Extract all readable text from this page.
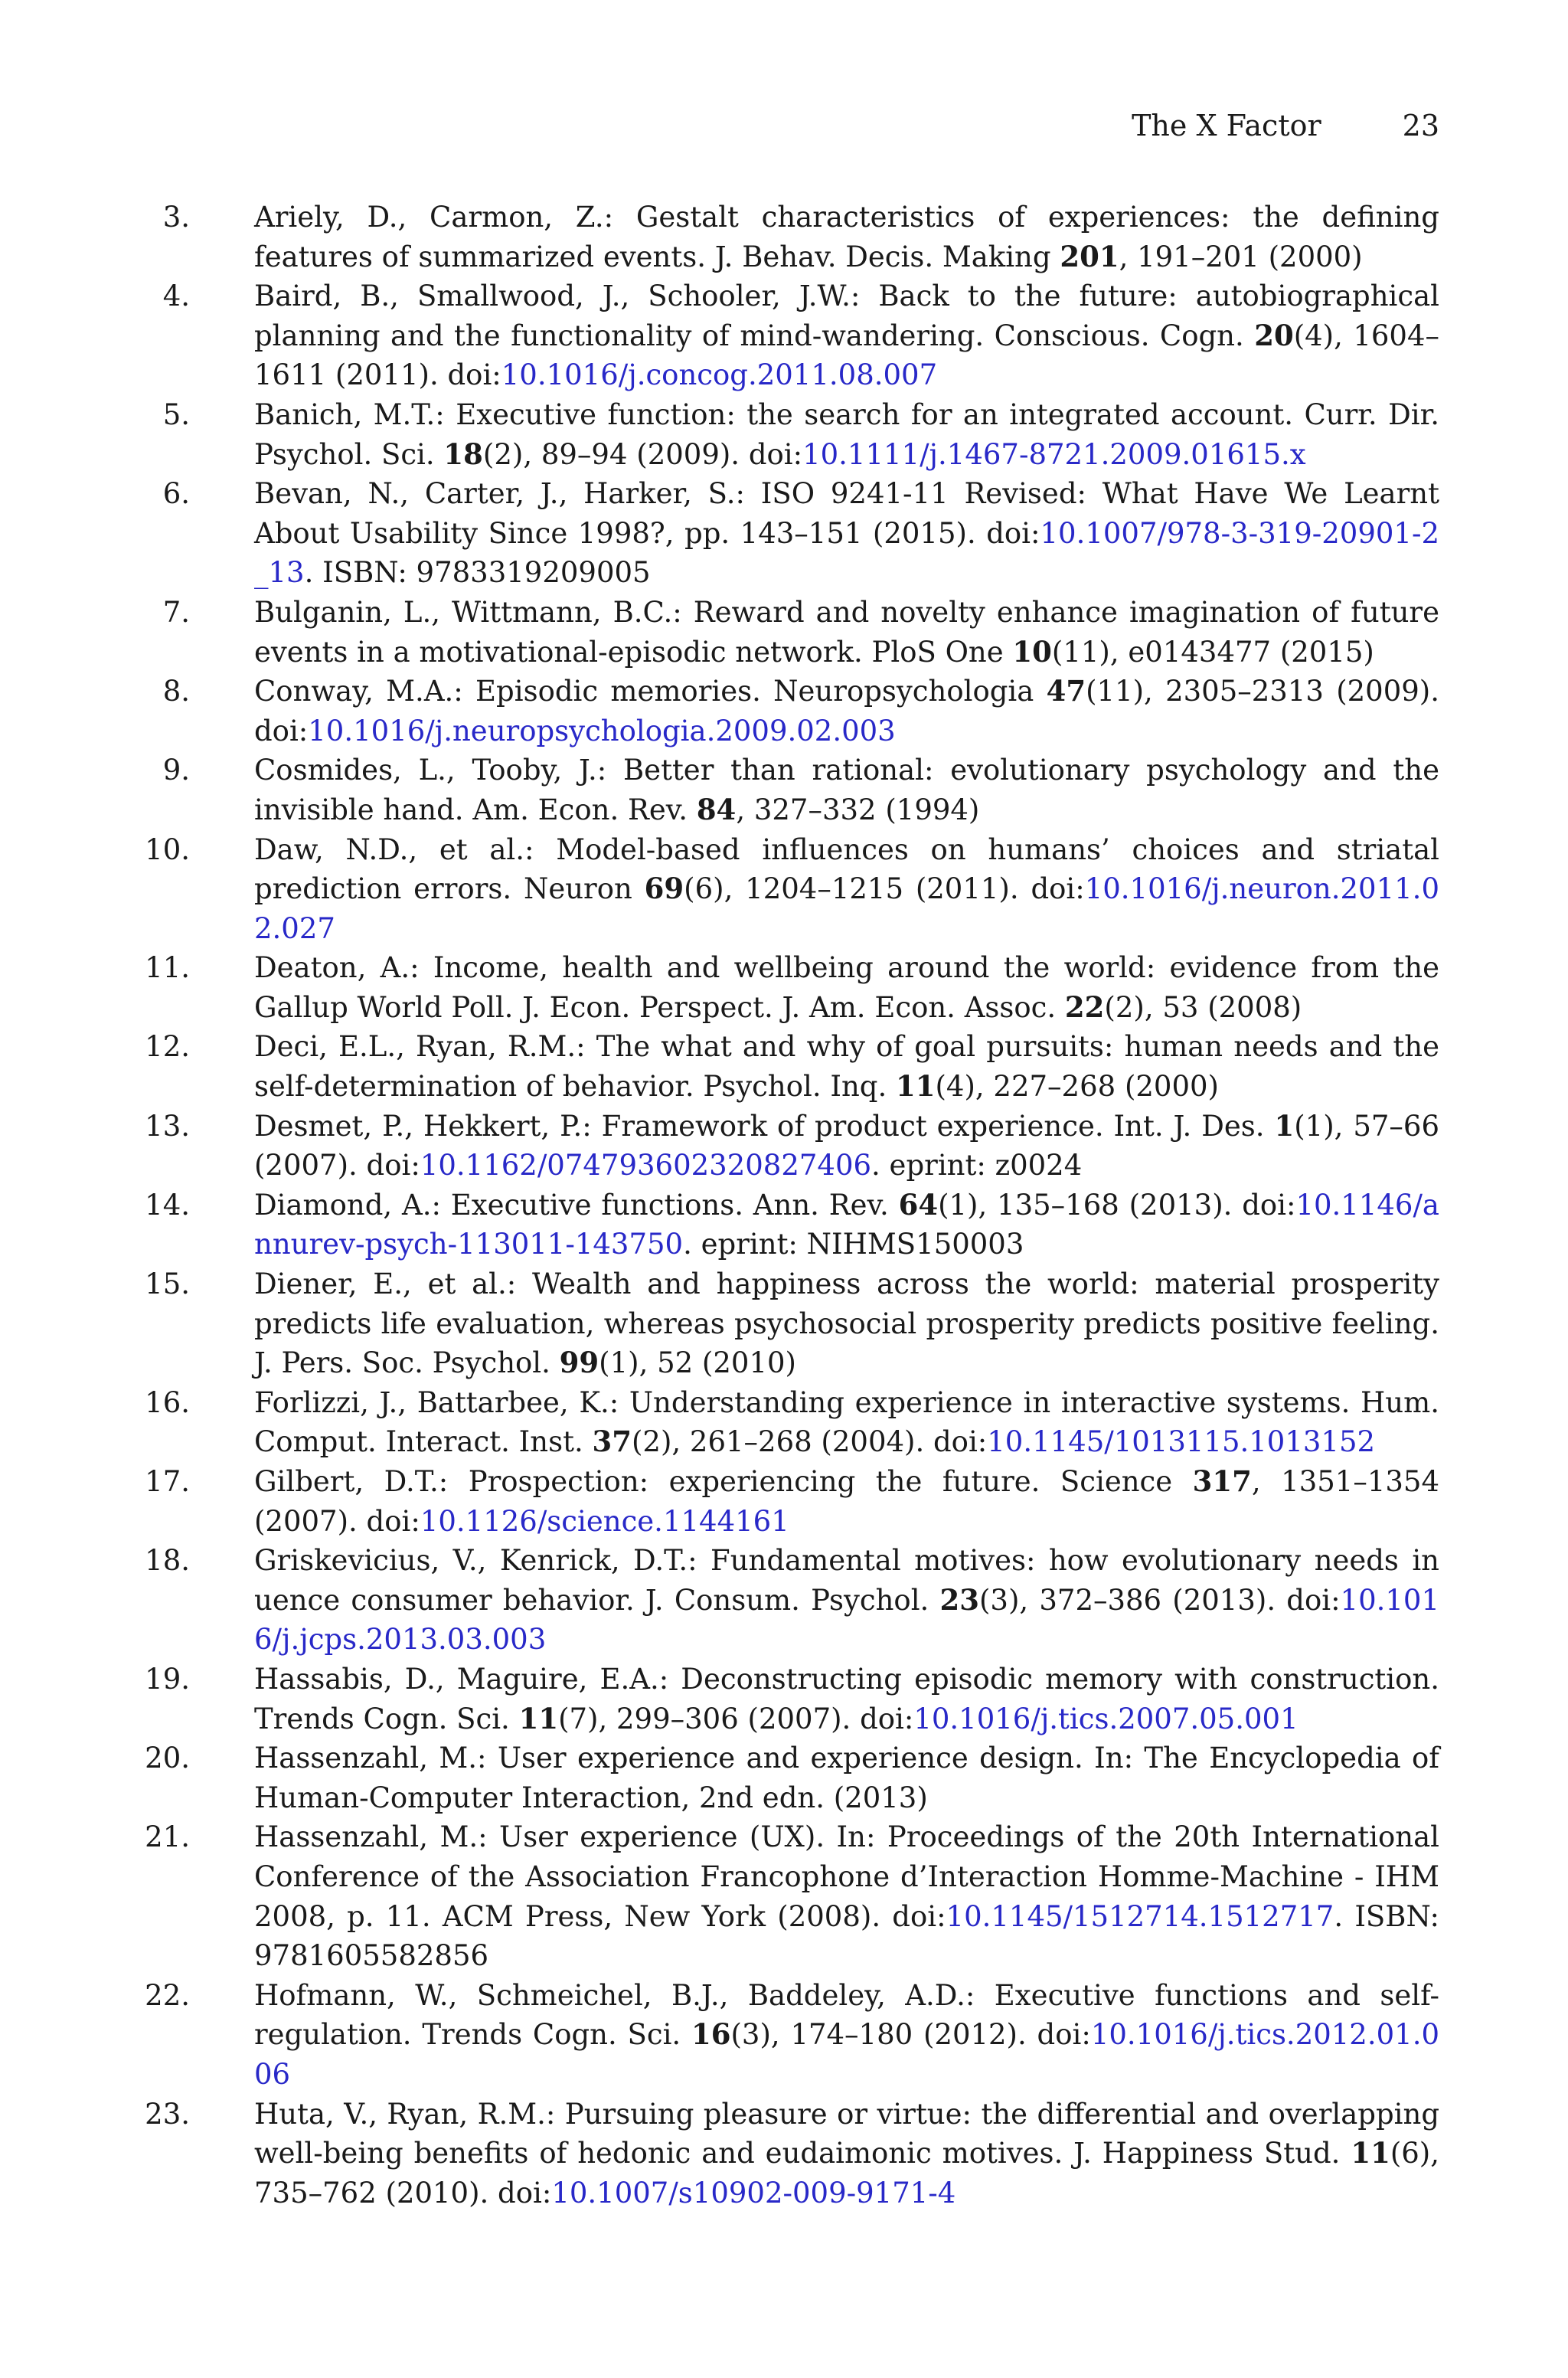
The X Factor	23
3. Ariely, D., Carmon, Z.: Gestalt characteristics of experiences: the defining features of summarized events. J. Behav. Decis. Making 201, 191–201 (2000)
4. Baird, B., Smallwood, J., Schooler, J.W.: Back to the future: autobiographical planning and the functionality of mind-wandering. Conscious. Cogn. 20(4), 1604–1611 (2011). doi:10.1016/j.concog.2011.08.007
5. Banich, M.T.: Executive function: the search for an integrated account. Curr. Dir. Psychol. Sci. 18(2), 89–94 (2009). doi:10.1111/j.1467-8721.2009.01615.x
6. Bevan, N., Carter, J., Harker, S.: ISO 9241-11 Revised: What Have We Learnt About Usability Since 1998?, pp. 143–151 (2015). doi:10.1007/978-3-319-20901-2_13. ISBN: 9783319209005
7. Bulganin, L., Wittmann, B.C.: Reward and novelty enhance imagination of future events in a motivational-episodic network. PloS One 10(11), e0143477 (2015)
8. Conway, M.A.: Episodic memories. Neuropsychologia 47(11), 2305–2313 (2009). doi:10.1016/j.neuropsychologia.2009.02.003
9. Cosmides, L., Tooby, J.: Better than rational: evolutionary psychology and the invisible hand. Am. Econ. Rev. 84, 327–332 (1994)
10. Daw, N.D., et al.: Model-based influences on humans’ choices and striatal prediction errors. Neuron 69(6), 1204–1215 (2011). doi:10.1016/j.neuron.2011.02.027
11. Deaton, A.: Income, health and wellbeing around the world: evidence from the Gallup World Poll. J. Econ. Perspect. J. Am. Econ. Assoc. 22(2), 53 (2008)
12. Deci, E.L., Ryan, R.M.: The what and why of goal pursuits: human needs and the self-determination of behavior. Psychol. Inq. 11(4), 227–268 (2000)
13. Desmet, P., Hekkert, P.: Framework of product experience. Int. J. Des. 1(1), 57–66 (2007). doi:10.1162/074793602320827406. eprint: z0024
14. Diamond, A.: Executive functions. Ann. Rev. 64(1), 135–168 (2013). doi:10.1146/annurev-psych-113011-143750. eprint: NIHMS150003
15. Diener, E., et al.: Wealth and happiness across the world: material prosperity predicts life evaluation, whereas psychosocial prosperity predicts positive feeling. J. Pers. Soc. Psychol. 99(1), 52 (2010)
16. Forlizzi, J., Battarbee, K.: Understanding experience in interactive systems. Hum. Comput. Interact. Inst. 37(2), 261–268 (2004). doi:10.1145/1013115.1013152
17. Gilbert, D.T.: Prospection: experiencing the future. Science 317, 1351–1354 (2007). doi:10.1126/science.1144161
18. Griskevicius, V., Kenrick, D.T.: Fundamental motives: how evolutionary needs in uence consumer behavior. J. Consum. Psychol. 23(3), 372–386 (2013). doi:10.1016/j.jcps.2013.03.003
19. Hassabis, D., Maguire, E.A.: Deconstructing episodic memory with construction. Trends Cogn. Sci. 11(7), 299–306 (2007). doi:10.1016/j.tics.2007.05.001
20. Hassenzahl, M.: User experience and experience design. In: The Encyclopedia of Human-Computer Interaction, 2nd edn. (2013)
21. Hassenzahl, M.: User experience (UX). In: Proceedings of the 20th International Conference of the Association Francophone d’Interaction Homme-Machine - IHM 2008, p. 11. ACM Press, New York (2008). doi:10.1145/1512714.1512717. ISBN: 9781605582856
22. Hofmann, W., Schmeichel, B.J., Baddeley, A.D.: Executive functions and self-regulation. Trends Cogn. Sci. 16(3), 174–180 (2012). doi:10.1016/j.tics.2012.01.006
23. Huta, V., Ryan, R.M.: Pursuing pleasure or virtue: the differential and overlapping well-being benefits of hedonic and eudaimonic motives. J. Happiness Stud. 11(6), 735–762 (2010). doi:10.1007/s10902-009-9171-4
